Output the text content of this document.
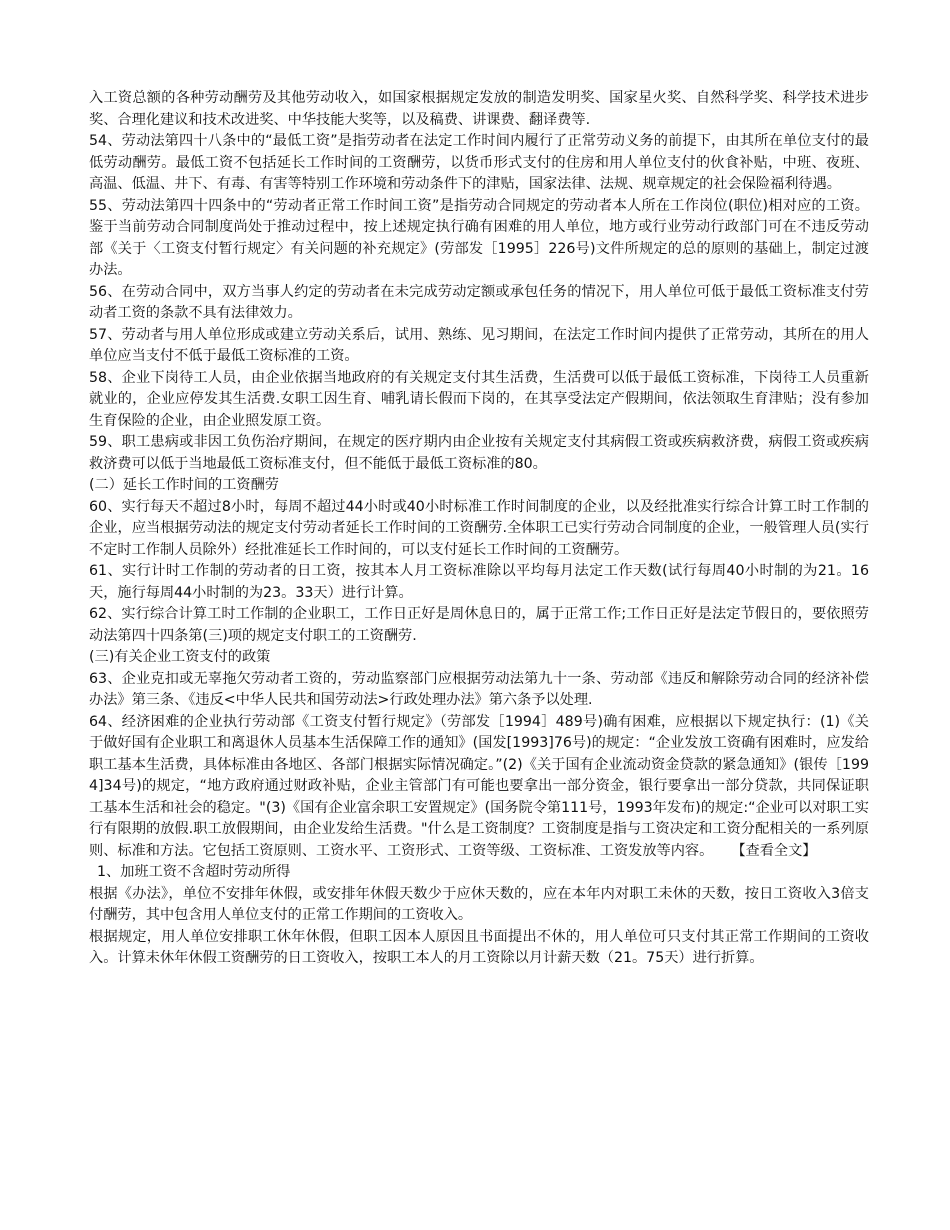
入工资总额的各种劳动酬劳及其他劳动收入，如国家根据规定发放的制造发明奖、国家星火奖、自然科学奖、科学技术进步奖、合理化建议和技术改进奖、中华技能大奖等，以及稿费、讲课费、翻译费等.

54、劳动法第四十八条中的“最低工资”是指劳动者在法定工作时间内履行了正常劳动义务的前提下，由其所在单位支付的最低劳动酬劳。最低工资不包括延长工作时间的工资酬劳，以货币形式支付的住房和用人单位支付的伙食补贴，中班、夜班、高温、低温、井下、有毒、有害等特别工作环境和劳动条件下的津贴，国家法律、法规、规章规定的社会保险福利待遇。

55、劳动法第四十四条中的“劳动者正常工作时间工资”是指劳动合同规定的劳动者本人所在工作岗位(职位)相对应的工资。鉴于当前劳动合同制度尚处于推动过程中，按上述规定执行确有困难的用人单位，地方或行业劳动行政部门可在不违反劳动部《关于〈工资支付暂行规定〉有关问题的补充规定》(劳部发［1995］226号)文件所规定的总的原则的基础上，制定过渡办法。

56、在劳动合同中，双方当事人约定的劳动者在未完成劳动定额或承包任务的情况下，用人单位可低于最低工资标准支付劳动者工资的条款不具有法律效力。

57、劳动者与用人单位形成或建立劳动关系后，试用、熟练、见习期间，在法定工作时间内提供了正常劳动，其所在的用人单位应当支付不低于最低工资标准的工资。

58、企业下岗待工人员，由企业依据当地政府的有关规定支付其生活费，生活费可以低于最低工资标准，下岗待工人员重新就业的，企业应停发其生活费.女职工因生育、哺乳请长假而下岗的，在其享受法定产假期间，依法领取生育津贴；没有参加生育保险的企业，由企业照发原工资。

59、职工患病或非因工负伤治疗期间，在规定的医疗期内由企业按有关规定支付其病假工资或疾病救济费，病假工资或疾病救济费可以低于当地最低工资标准支付，但不能低于最低工资标准的80。

(二）延长工作时间的工资酬劳

60、实行每天不超过8小时，每周不超过44小时或40小时标准工作时间制度的企业，以及经批准实行综合计算工时工作制的企业，应当根据劳动法的规定支付劳动者延长工作时间的工资酬劳.全体职工已实行劳动合同制度的企业，一般管理人员(实行不定时工作制人员除外）经批准延长工作时间的，可以支付延长工作时间的工资酬劳。

61、实行计时工作制的劳动者的日工资，按其本人月工资标准除以平均每月法定工作天数(试行每周40小时制的为21。16天，施行每周44小时制的为23。33天）进行计算。

62、实行综合计算工时工作制的企业职工，工作日正好是周休息日的，属于正常工作;工作日正好是法定节假日的，要依照劳动法第四十四条第(三)项的规定支付职工的工资酬劳.

(三)有关企业工资支付的政策

63、企业克扣或无辜拖欠劳动者工资的，劳动监察部门应根据劳动法第九十一条、劳动部《违反和解除劳动合同的经济补偿办法》第三条、《违反<中华人民共和国劳动法>行政处理办法》第六条予以处理.

64、经济困难的企业执行劳动部《工资支付暂行规定》（劳部发［1994］489号)确有困难，应根据以下规定执行：(1)《关于做好国有企业职工和离退休人员基本生活保障工作的通知》(国发[1993]76号)的规定：“企业发放工资确有困难时，应发给职工基本生活费，具体标准由各地区、各部门根据实际情况确定。”(2)《关于国有企业流动资金贷款的紧急通知》(银传［1994]34号)的规定，“地方政府通过财政补贴，企业主管部门有可能也要拿出一部分资金，银行要拿出一部分贷款，共同保证职工基本生活和社会的稳定。"(3)《国有企业富余职工安置规定》(国务院令第111号，1993年发布)的规定:“企业可以对职工实行有限期的放假.职工放假期间，由企业发给生活费。"什么是工资制度？工资制度是指与工资决定和工资分配相关的一系列原则、标准和方法。它包括工资原则、工资水平、工资形式、工资等级、工资标准、工资发放等内容。 【查看全文】

1、加班工资不含超时劳动所得

根据《办法》，单位不安排年休假，或安排年休假天数少于应休天数的，应在本年内对职工未休的天数，按日工资收入3倍支付酬劳，其中包含用人单位支付的正常工作期间的工资收入。

根据规定，用人单位安排职工休年休假，但职工因本人原因且书面提出不休的，用人单位可只支付其正常工作期间的工资收入。计算未休年休假工资酬劳的日工资收入，按职工本人的月工资除以月计薪天数（21。75天）进行折算。
